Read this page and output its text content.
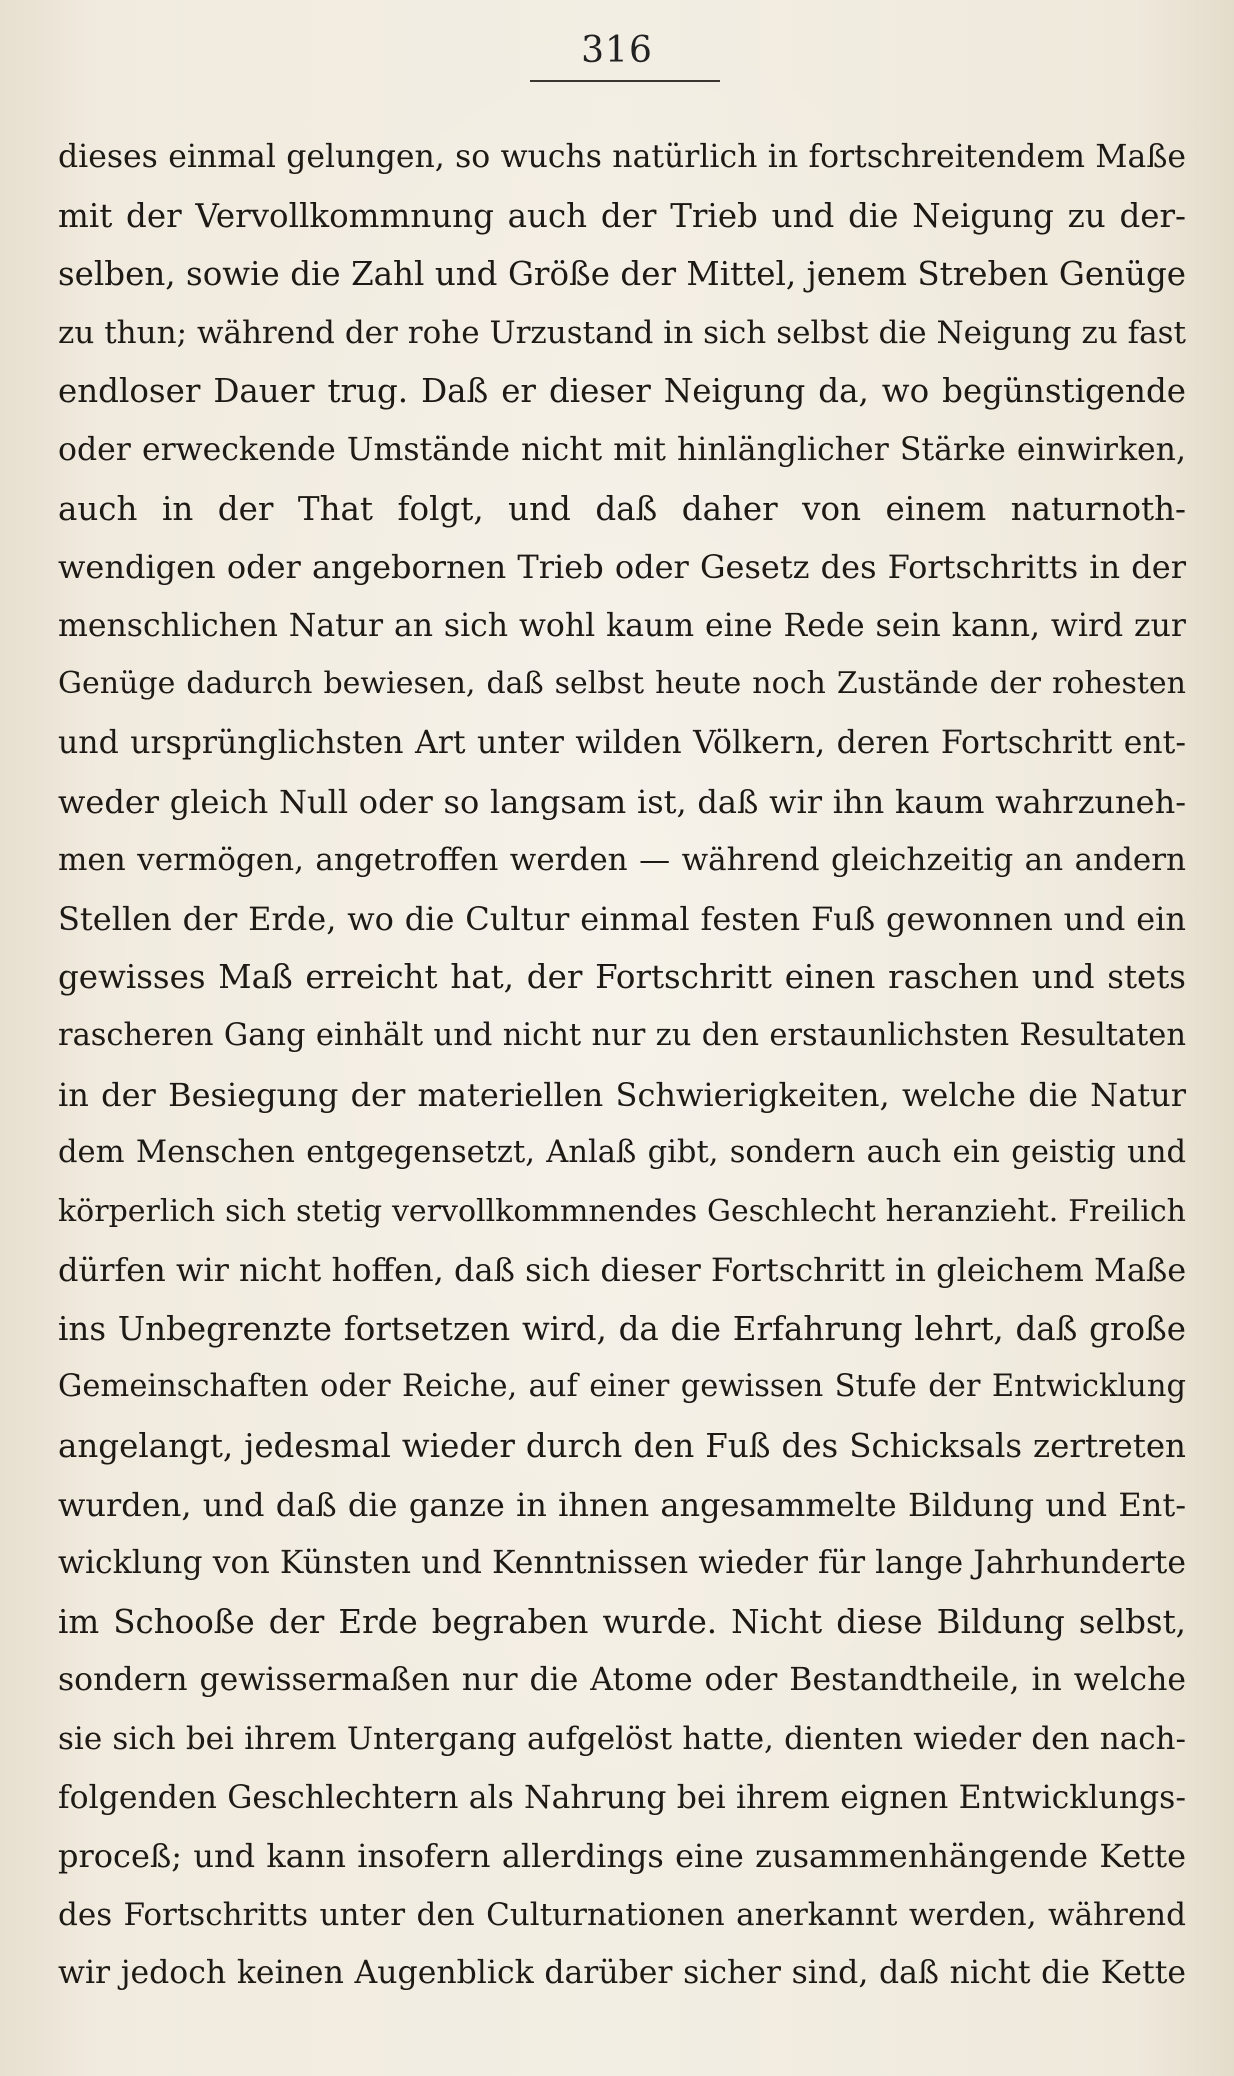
316
dieses einmal gelungen, so wuchs natürlich in fortschreitendem Maße
mit der Vervollkommnung auch der Trieb und die Neigung zu der-
selben, sowie die Zahl und Größe der Mittel, jenem Streben Genüge
zu thun; während der rohe Urzustand in sich selbst die Neigung zu fast
endloser Dauer trug. Daß er dieser Neigung da, wo begünstigende
oder erweckende Umstände nicht mit hinlänglicher Stärke einwirken,
auch in der That folgt, und daß daher von einem naturnoth-
wendigen oder angebornen Trieb oder Gesetz des Fortschritts in der
menschlichen Natur an sich wohl kaum eine Rede sein kann, wird zur
Genüge dadurch bewiesen, daß selbst heute noch Zustände der rohesten
und ursprünglichsten Art unter wilden Völkern, deren Fortschritt ent-
weder gleich Null oder so langsam ist, daß wir ihn kaum wahrzuneh-
men vermögen, angetroffen werden — während gleichzeitig an andern
Stellen der Erde, wo die Cultur einmal festen Fuß gewonnen und ein
gewisses Maß erreicht hat, der Fortschritt einen raschen und stets
rascheren Gang einhält und nicht nur zu den erstaunlichsten Resultaten
in der Besiegung der materiellen Schwierigkeiten, welche die Natur
dem Menschen entgegensetzt, Anlaß gibt, sondern auch ein geistig und
körperlich sich stetig vervollkommnendes Geschlecht heranzieht. Freilich
dürfen wir nicht hoffen, daß sich dieser Fortschritt in gleichem Maße
ins Unbegrenzte fortsetzen wird, da die Erfahrung lehrt, daß große
Gemeinschaften oder Reiche, auf einer gewissen Stufe der Entwicklung
angelangt, jedesmal wieder durch den Fuß des Schicksals zertreten
wurden, und daß die ganze in ihnen angesammelte Bildung und Ent-
wicklung von Künsten und Kenntnissen wieder für lange Jahrhunderte
im Schooße der Erde begraben wurde. Nicht diese Bildung selbst,
sondern gewissermaßen nur die Atome oder Bestandtheile, in welche
sie sich bei ihrem Untergang aufgelöst hatte, dienten wieder den nach-
folgenden Geschlechtern als Nahrung bei ihrem eignen Entwicklungs-
proceß; und kann insofern allerdings eine zusammenhängende Kette
des Fortschritts unter den Culturnationen anerkannt werden, während
wir jedoch keinen Augenblick darüber sicher sind, daß nicht die Kette
